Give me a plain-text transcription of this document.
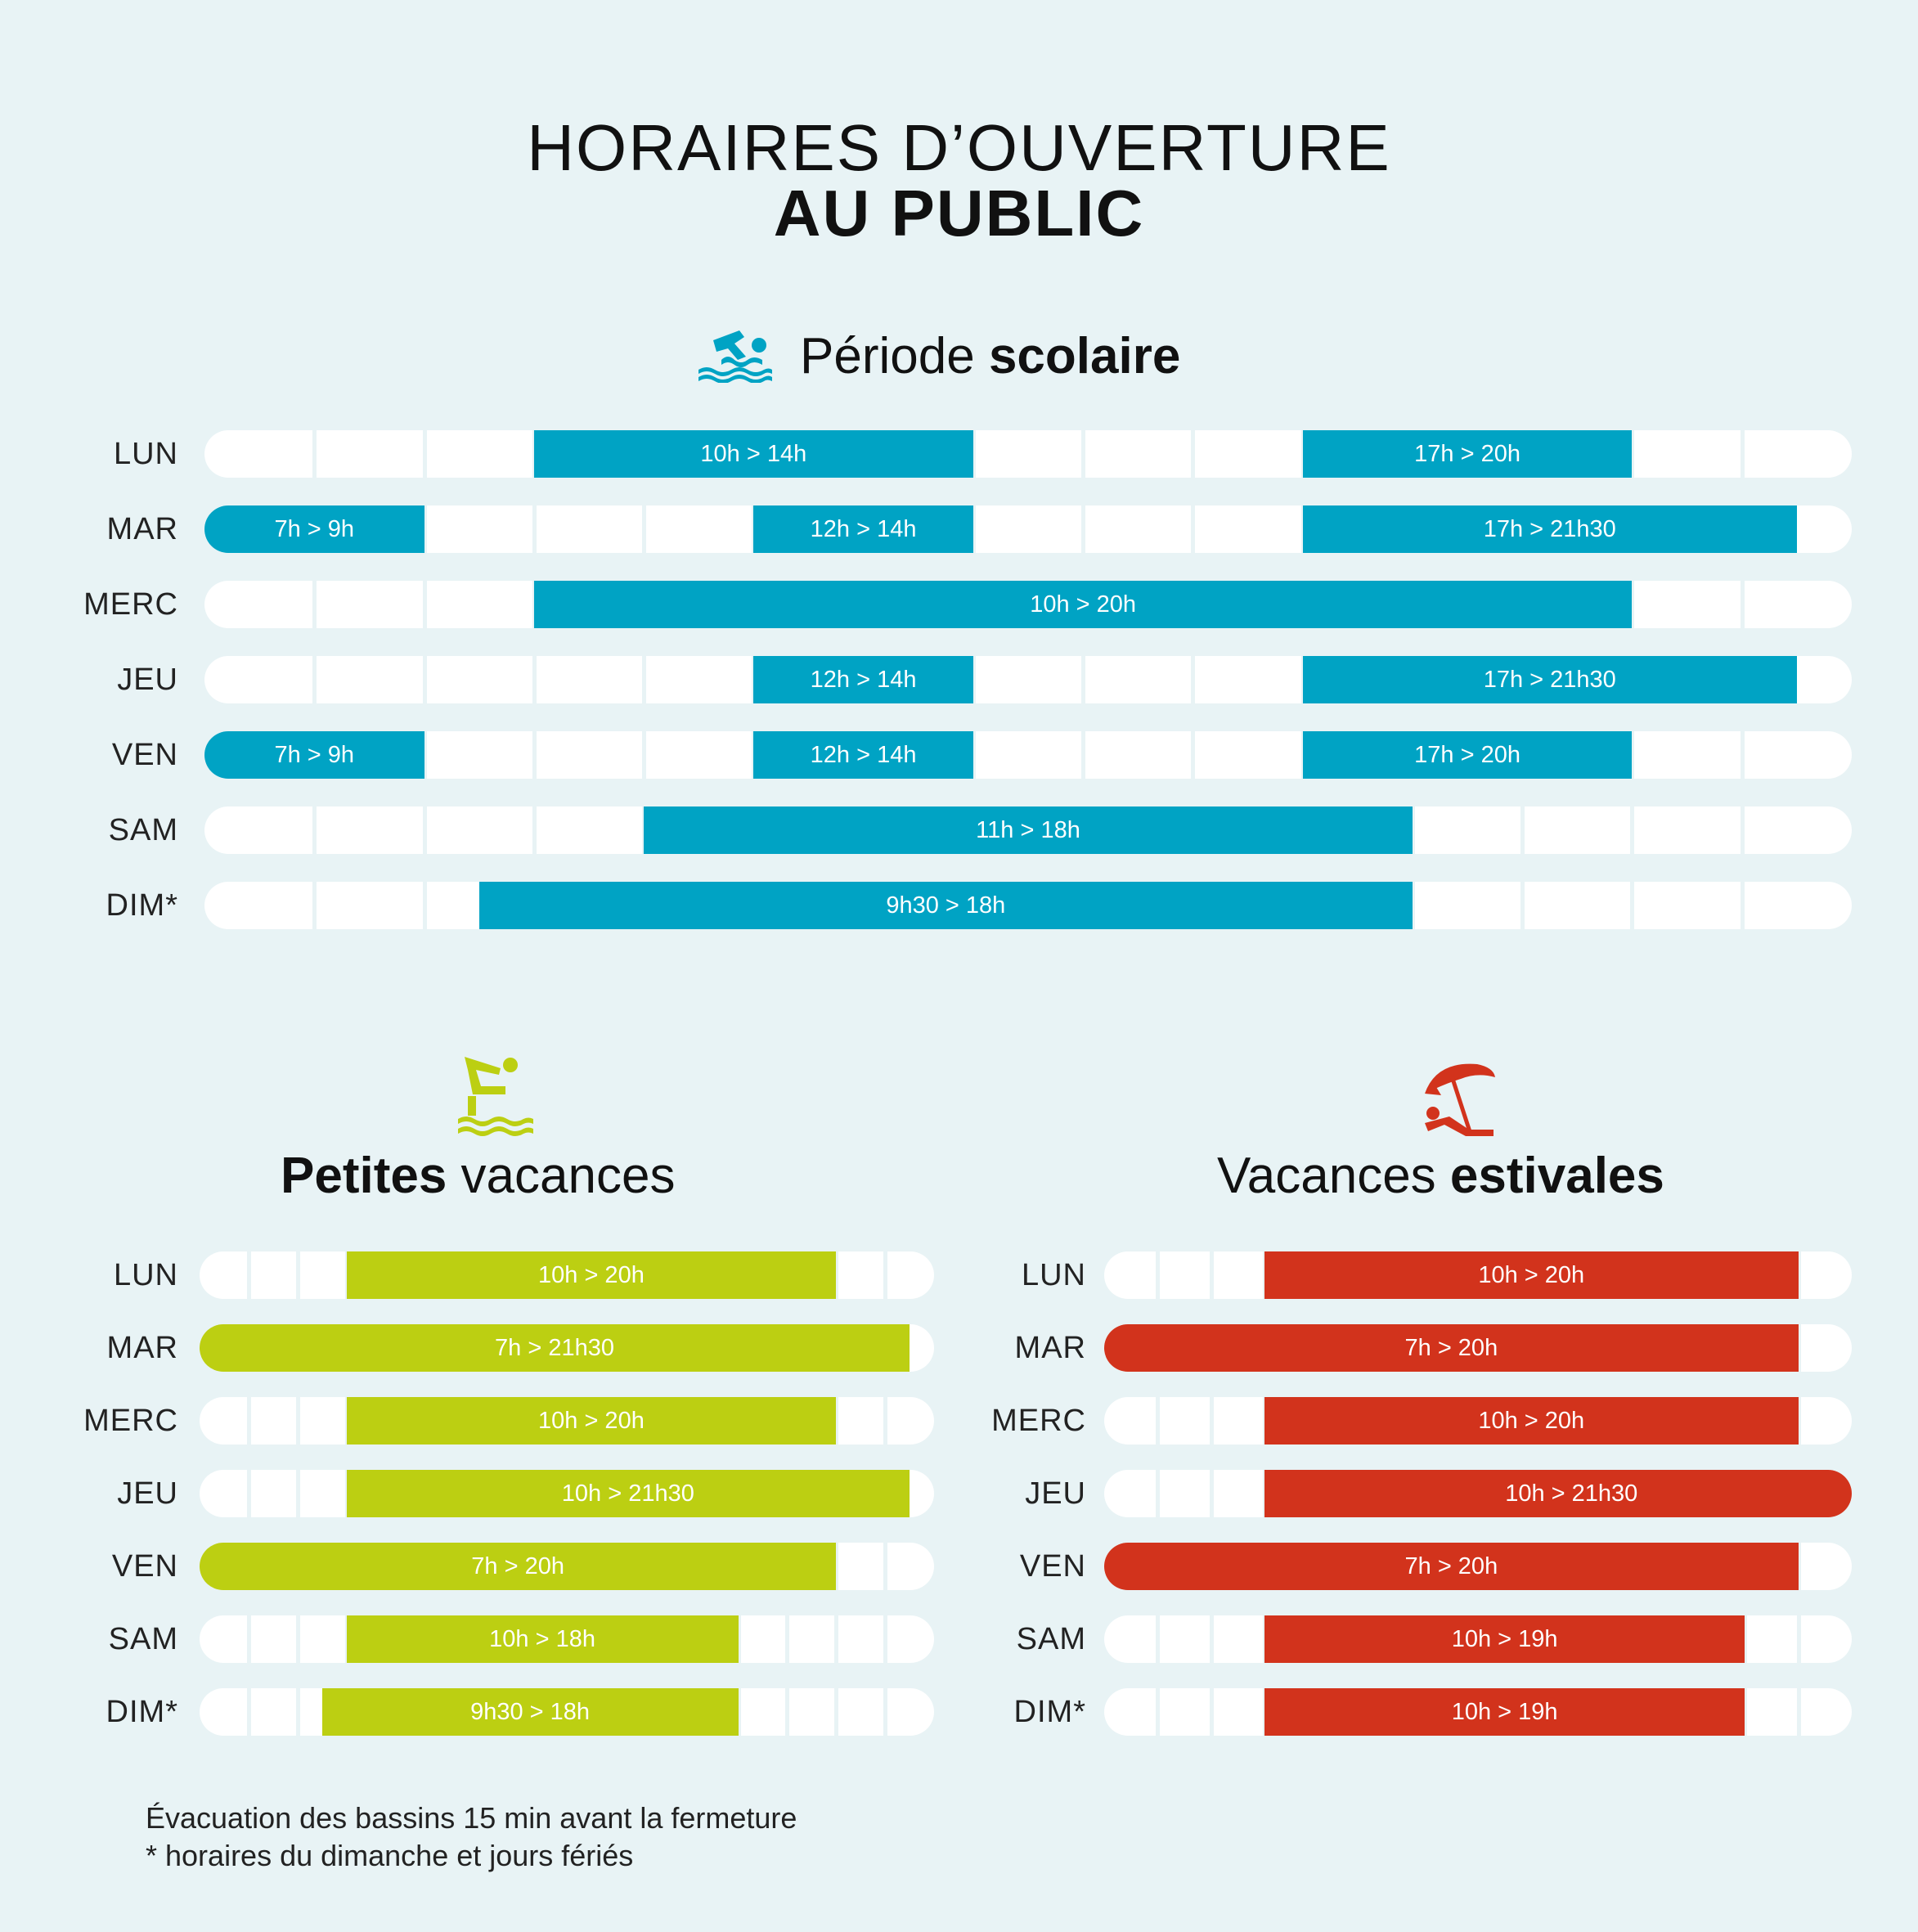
HORAIRES D’OUVERTURE
AU PUBLIC
Période scolaire
LUN	10h > 14h	17h > 20h
MAR	7h > 9h	12h > 14h	17h > 21h30
MERC	10h > 20h
JEU	12h > 14h	17h > 21h30
VEN	7h > 9h	12h > 14h	17h > 20h
SAM	11h > 18h
DIM*	9h30 > 18h
Petites vacances
LUN	10h > 20h
MAR	7h > 21h30
MERC	10h > 20h
JEU	10h > 21h30
VEN	7h > 20h
SAM	10h > 18h
DIM*	9h30 > 18h
Vacances estivales
LUN	10h > 20h
MAR	7h > 20h
MERC	10h > 20h
JEU	10h > 21h30
VEN	7h > 20h
SAM	10h > 19h
DIM*	10h > 19h
Évacuation des bassins 15 min avant la fermeture
* horaires du dimanche et jours fériés
